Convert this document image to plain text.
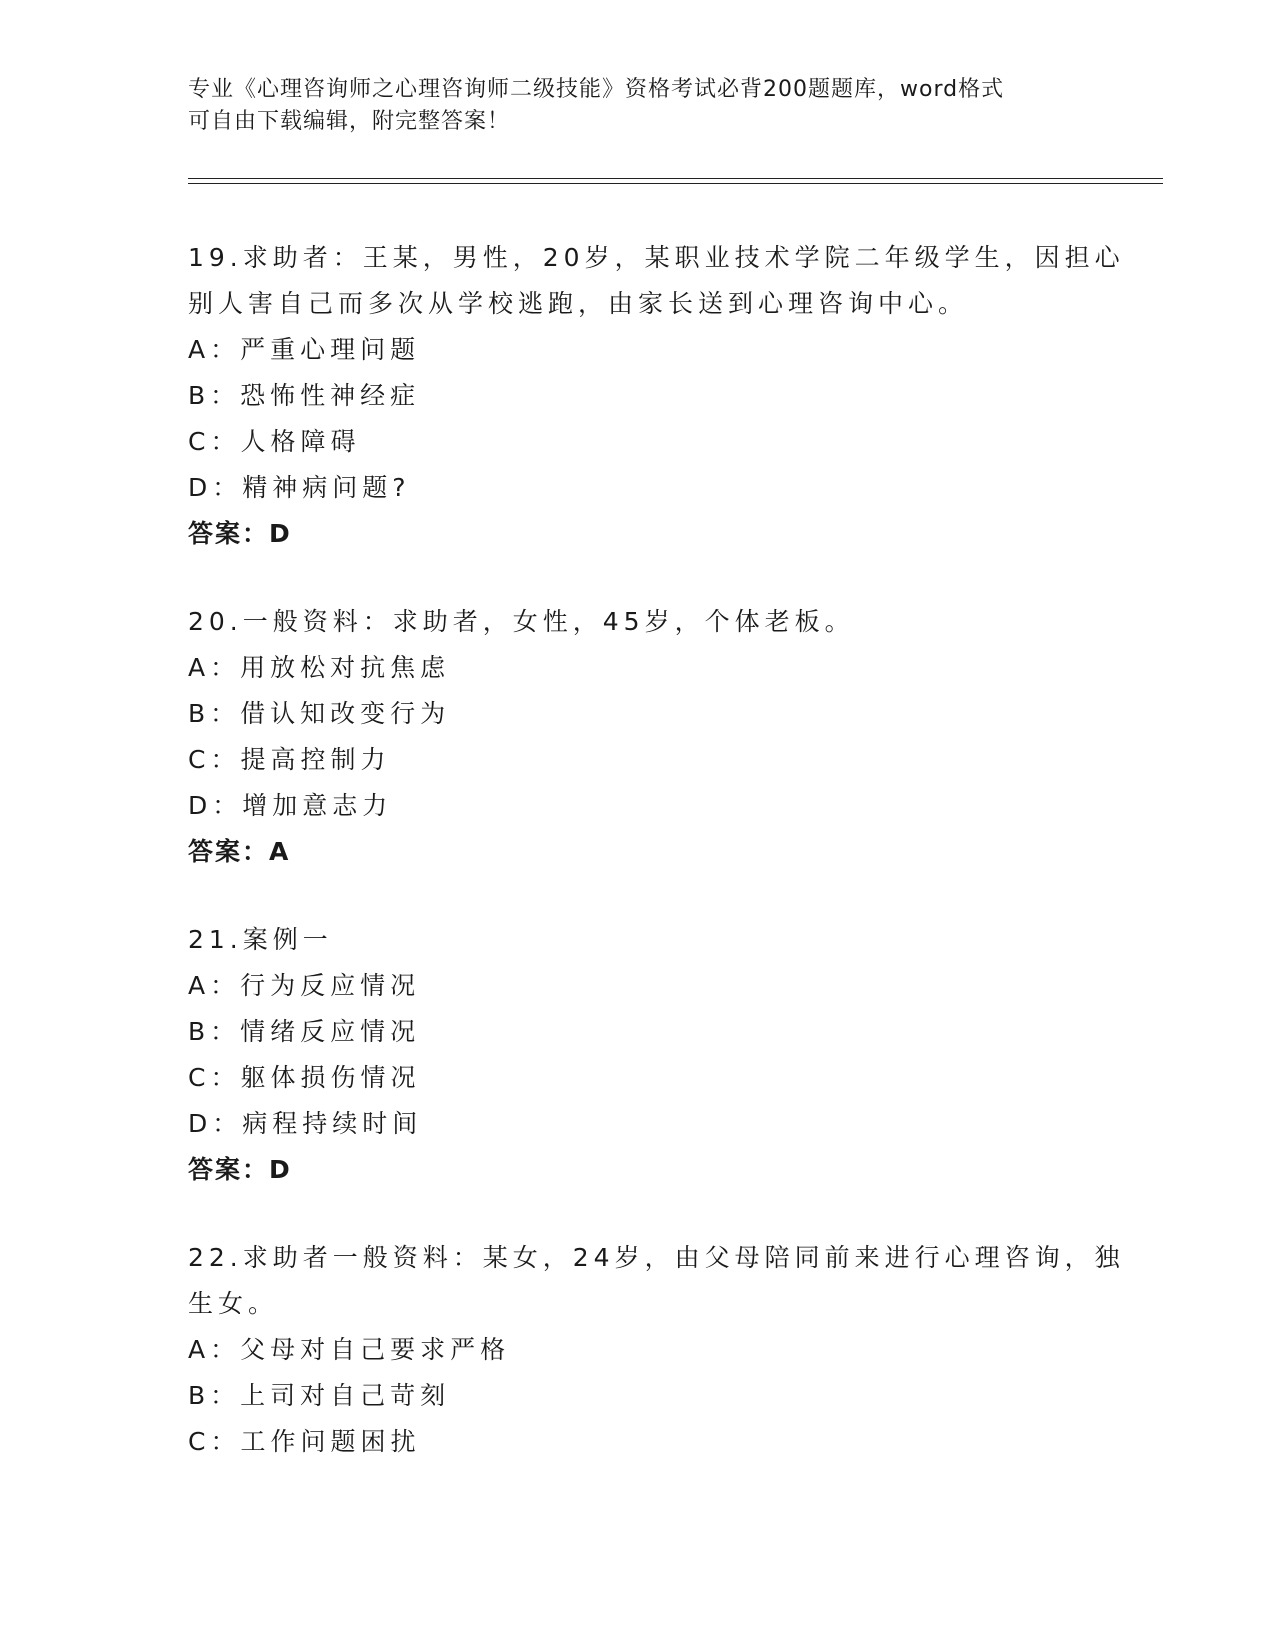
专业《心理咨询师之心理咨询师二级技能》资格考试必背200题题库，word格式
可自由下载编辑，附完整答案！
19.求助者：王某，男性，20岁，某职业技术学院二年级学生，因担心
别人害自己而多次从学校逃跑，由家长送到心理咨询中心。
A：严重心理问题
B：恐怖性神经症
C：人格障碍
D：精神病问题?
答案：D
20.一般资料：求助者，女性，45岁，个体老板。
A：用放松对抗焦虑
B：借认知改变行为
C：提高控制力
D：增加意志力
答案：A
21.案例一
A：行为反应情况
B：情绪反应情况
C：躯体损伤情况
D：病程持续时间
答案：D
22.求助者一般资料：某女，24岁，由父母陪同前来进行心理咨询，独
生女。
A：父母对自己要求严格
B：上司对自己苛刻
C：工作问题困扰
